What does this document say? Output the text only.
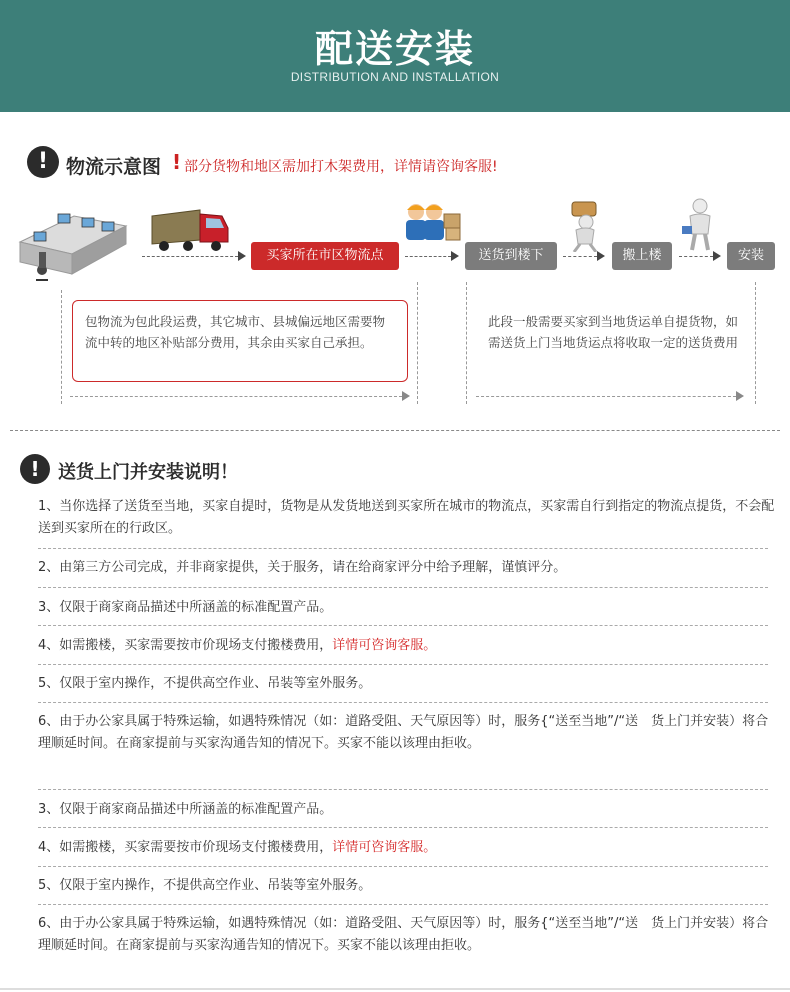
配送安装
DISTRIBUTION AND INSTALLATION
! 物流示意图 ! 部分货物和地区需加打木架费用，详情请咨询客服!
买家所在市区物流点	送货到楼下	搬上楼	安装
包物流为包此段运费，其它城市、县城偏远地区需要物流中转的地区补贴部分费用，其余由买家自己承担。
此段一般需要买家到当地货运单自提货物，如需送货上门当地货运点将收取一定的送货费用
!	送货上门并安装说明！
1、当你选择了送货至当地，买家自提时，货物是从发货地送到买家所在城市的物流点，买家需自行到指定的物流点提货，不会配送到买家所在的行政区。
2、由第三方公司完成，并非商家提供，关于服务，请在给商家评分中给予理解，谨慎评分。
3、仅限于商家商品描述中所涵盖的标准配置产品。
4、如需搬楼，买家需要按市价现场支付搬楼费用，详情可咨询客服。
5、仅限于室内操作，不提供高空作业、吊装等室外服务。
6、由于办公家具属于特殊运输，如遇特殊情况（如：道路受阻、天气原因等）时，服务{“送至当地”/“送　货上门并安装）将合理顺延时间。在商家提前与买家沟通告知的情况下。买家不能以该理由拒收。
3、仅限于商家商品描述中所涵盖的标准配置产品。
4、如需搬楼，买家需要按市价现场支付搬楼费用，详情可咨询客服。
5、仅限于室内操作，不提供高空作业、吊装等室外服务。
6、由于办公家具属于特殊运输，如遇特殊情况（如：道路受阻、天气原因等）时，服务{“送至当地”/“送　货上门并安装）将合理顺延时间。在商家提前与买家沟通告知的情况下。买家不能以该理由拒收。
